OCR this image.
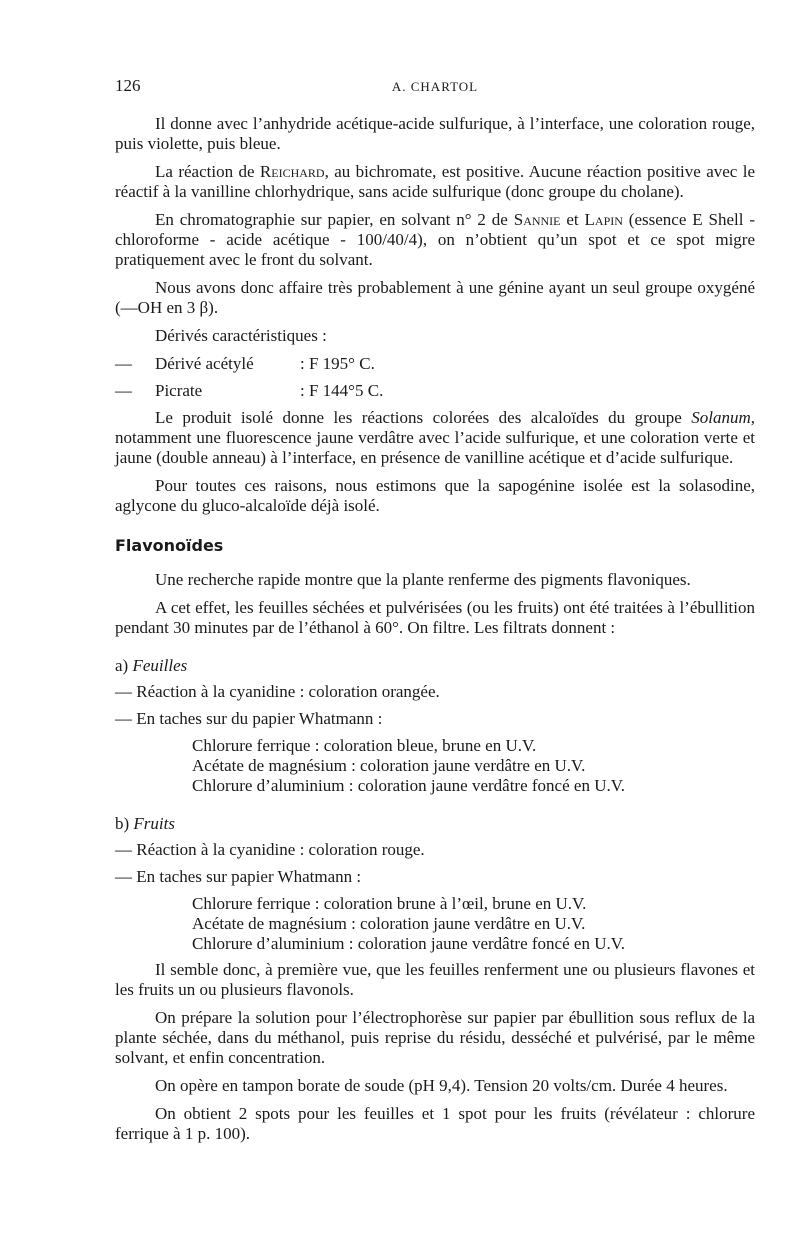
126	A. CHARTOL

Il donne avec l’anhydride acétique-acide sulfurique, à l’interface, une coloration rouge, puis violette, puis bleue.

La réaction de Reichard, au bichromate, est positive. Aucune réaction positive avec le réactif à la vanilline chlorhydrique, sans acide sulfurique (donc groupe du cholane).

En chromatographie sur papier, en solvant n° 2 de Sannie et Lapin (essence E Shell - chloroforme - acide acétique - 100/40/4), on n’obtient qu’un spot et ce spot migre pratiquement avec le front du solvant.

Nous avons donc affaire très probablement à une génine ayant un seul groupe oxygéné (—OH en 3 β).

Dérivés caractéristiques :

—	Dérivé acétylé	: F 195° C.
—	Picrate	: F 144°5 C.

Le produit isolé donne les réactions colorées des alcaloïdes du groupe Solanum, notamment une fluorescence jaune verdâtre avec l’acide sulfurique, et une coloration verte et jaune (double anneau) à l’interface, en présence de vanilline acétique et d’acide sulfurique.

Pour toutes ces raisons, nous estimons que la sapogénine isolée est la solasodine, aglycone du gluco-alcaloïde déjà isolé.

Flavonoïdes

Une recherche rapide montre que la plante renferme des pigments flavoniques.

A cet effet, les feuilles séchées et pulvérisées (ou les fruits) ont été traitées à l’ébullition pendant 30 minutes par de l’éthanol à 60°. On filtre. Les filtrats donnent :

a) Feuilles
— Réaction à la cyanidine : coloration orangée.
— En taches sur du papier Whatmann :
Chlorure ferrique : coloration bleue, brune en U.V.
Acétate de magnésium : coloration jaune verdâtre en U.V.
Chlorure d’aluminium : coloration jaune verdâtre foncé en U.V.
b) Fruits
— Réaction à la cyanidine : coloration rouge.
— En taches sur papier Whatmann :
Chlorure ferrique : coloration brune à l’œil, brune en U.V.
Acétate de magnésium : coloration jaune verdâtre en U.V.
Chlorure d’aluminium : coloration jaune verdâtre foncé en U.V.

Il semble donc, à première vue, que les feuilles renferment une ou plusieurs flavones et les fruits un ou plusieurs flavonols.

On prépare la solution pour l’électrophorèse sur papier par ébullition sous reflux de la plante séchée, dans du méthanol, puis reprise du résidu, desséché et pulvérisé, par le même solvant, et enfin concentration.

On opère en tampon borate de soude (pH 9,4). Tension 20 volts/cm. Durée 4 heures.

On obtient 2 spots pour les feuilles et 1 spot pour les fruits (révélateur : chlorure ferrique à 1 p. 100).
